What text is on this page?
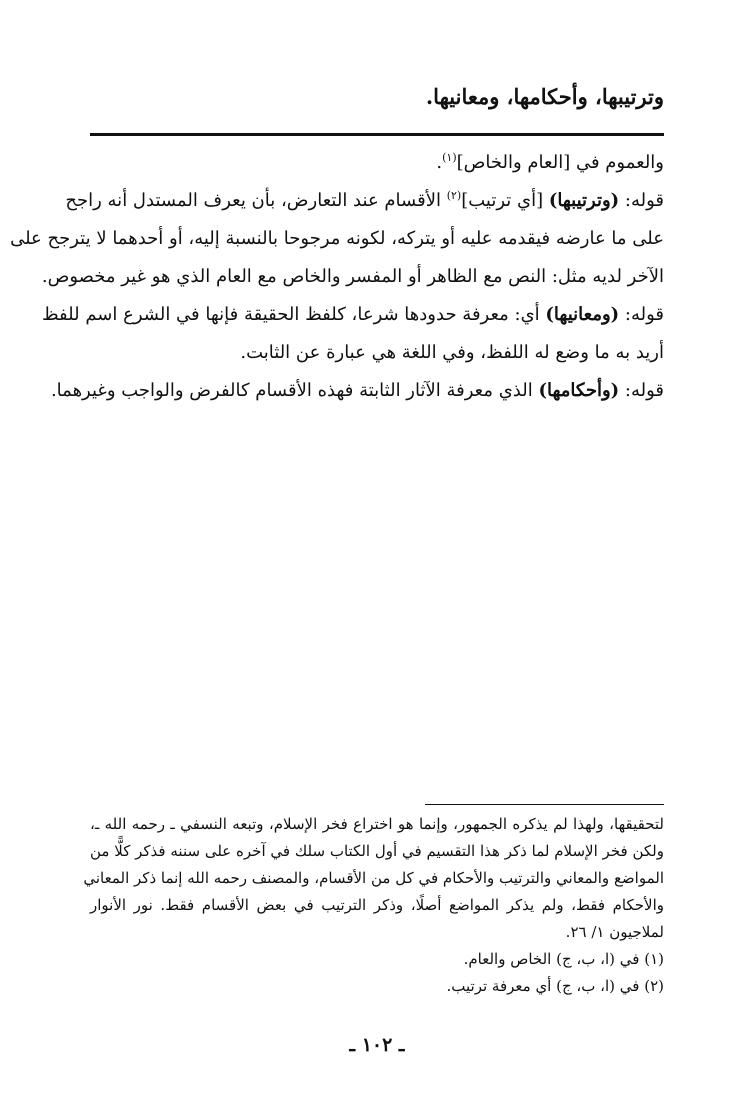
وترتيبها، وأحكامها، ومعانيها.
والعموم في [العام والخاص]$^{(١)}$.
قوله: (وترتيبها) [أي ترتيب]$^{(٢)}$ الأقسام عند التعارض، بأن يعرف المستدل أنه راجح
على ما عارضه فيقدمه عليه أو يتركه، لكونه مرجوحا بالنسبة إليه، أو أحدهما لا يترجح على
الآخر لديه مثل: النص مع الظاهر أو المفسر والخاص مع العام الذي هو غير مخصوص.
قوله: (ومعانيها) أي: معرفة حدودها شرعا، كلفظ الحقيقة فإنها في الشرع اسم للفظ
أريد به ما وضع له اللفظ، وفي اللغة هي عبارة عن الثابت.
قوله: (وأحكامها) الذي معرفة الآثار الثابتة فهذه الأقسام كالفرض والواجب وغيرهما.
لتحقيقها، ولهذا لم يذكره الجمهور، وإنما هو اختراع فخر الإسلام، وتبعه النسفي ـ رحمه الله ـ،
ولكن فخر الإسلام لما ذكر هذا التقسيم في أول الكتاب سلك في آخره على سننه فذكر كلًّا من
المواضع والمعاني والترتيب والأحكام في كل من الأقسام، والمصنف رحمه الله إنما ذكر المعاني
والأحكام فقط، ولم يذكر المواضع أصلًا، وذكر الترتيب في بعض الأقسام فقط. نور الأنوار
لملاجيون ١/ ٢٦.
(١) في (ا، ب، ج) الخاص والعام.
(٢) في (ا، ب، ج) أي معرفة ترتيب.
ـ ١٠٢ ـ
